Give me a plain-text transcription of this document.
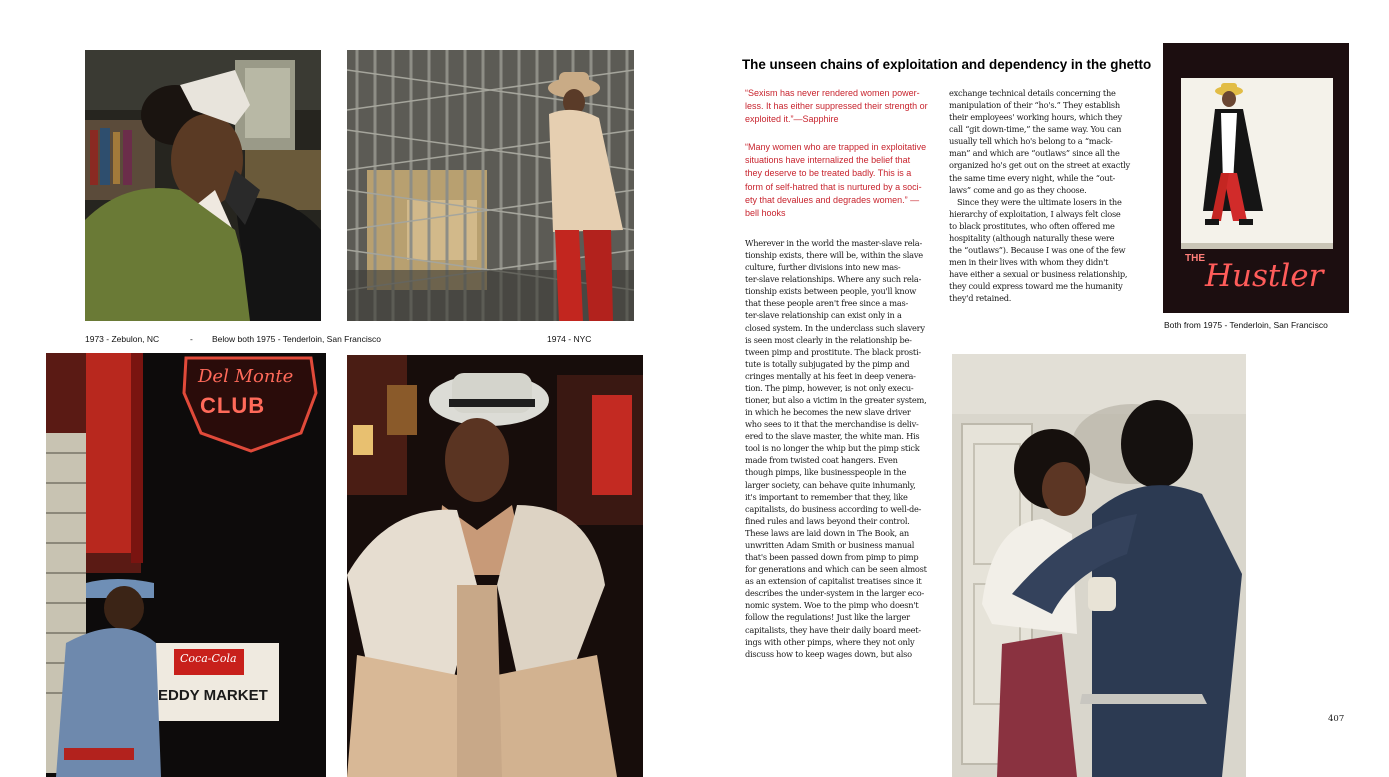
1973 - Zebulon, NC	- Below both 1975 - Tenderloin, San Francisco	1974 - NYC
Del Monte
CLUB
Coca-Cola
EDDY MARKET
The unseen chains of exploitation and dependency in the ghetto
“Sexism has never rendered women power-
less. It has either suppressed their strength or
exploited it.”—Sapphire
“Many women who are trapped in exploitative
situations have internalized the belief that
they deserve to be treated badly. This is a
form of self-hatred that is nurtured by a soci-
ety that devalues and degrades women.” —
bell hooks
Wherever in the world the master-slave rela-
tionship exists, there will be, within the slave
culture, further divisions into new mas-
ter-slave relationships. Where any such rela-
tionship exists between people, you'll know
that these people aren't free since a mas-
ter-slave relationship can exist only in a
closed system. In the underclass such slavery
is seen most clearly in the relationship be-
tween pimp and prostitute. The black prosti-
tute is totally subjugated by the pimp and
cringes mentally at his feet in deep venera-
tion. The pimp, however, is not only execu-
tioner, but also a victim in the greater system,
in which he becomes the new slave driver
who sees to it that the merchandise is deliv-
ered to the slave master, the white man. His
tool is no longer the whip but the pimp stick
made from twisted coat hangers. Even
though pimps, like businesspeople in the
larger society, can behave quite inhumanly,
it's important to remember that they, like
capitalists, do business according to well-de-
fined rules and laws beyond their control.
These laws are laid down in The Book, an
unwritten Adam Smith or business manual
that's been passed down from pimp to pimp
for generations and which can be seen almost
as an extension of capitalist treatises since it
describes the under-system in the larger eco-
nomic system. Woe to the pimp who doesn't
follow the regulations! Just like the larger
capitalists, they have their daily board meet-
ings with other pimps, where they not only
discuss how to keep wages down, but also
exchange technical details concerning the
manipulation of their “ho's.” They establish
their employees' working hours, which they
call “git down-time,” the same way. You can
usually tell which ho's belong to a “mack-
man” and which are “outlaws” since all the
organized ho's get out on the street at exactly
the same time every night, while the “out-
laws” come and go as they choose.
 Since they were the ultimate losers in the
hierarchy of exploitation, I always felt close
to black prostitutes, who often offered me
hospitality (although naturally these were
the “outlaws”). Because I was one of the few
men in their lives with whom they didn't
have either a sexual or business relationship,
they could express toward me the humanity
they'd retained.
THE Hustler
Both from 1975 - Tenderloin, San Francisco
407
